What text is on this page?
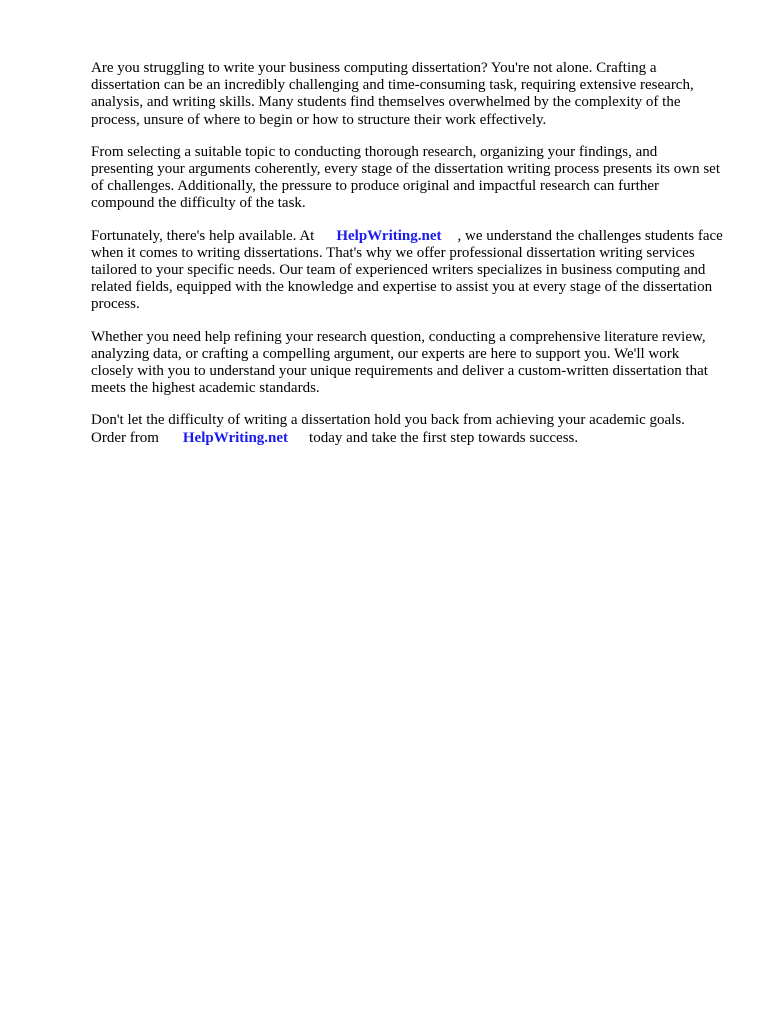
Are you struggling to write your business computing dissertation? You're not alone. Crafting a dissertation can be an incredibly challenging and time-consuming task, requiring extensive research, analysis, and writing skills. Many students find themselves overwhelmed by the complexity of the process, unsure of where to begin or how to structure their work effectively.

From selecting a suitable topic to conducting thorough research, organizing your findings, and presenting your arguments coherently, every stage of the dissertation writing process presents its own set of challenges. Additionally, the pressure to produce original and impactful research can further compound the difficulty of the task.

Fortunately, there's help available. At HelpWriting.net , we understand the challenges students face when it comes to writing dissertations. That's why we offer professional dissertation writing services tailored to your specific needs. Our team of experienced writers specializes in business computing and related fields, equipped with the knowledge and expertise to assist you at every stage of the dissertation process.

Whether you need help refining your research question, conducting a comprehensive literature review, analyzing data, or crafting a compelling argument, our experts are here to support you. We'll work closely with you to understand your unique requirements and deliver a custom-written dissertation that meets the highest academic standards.

Don't let the difficulty of writing a dissertation hold you back from achieving your academic goals. Order from HelpWriting.net today and take the first step towards success.
